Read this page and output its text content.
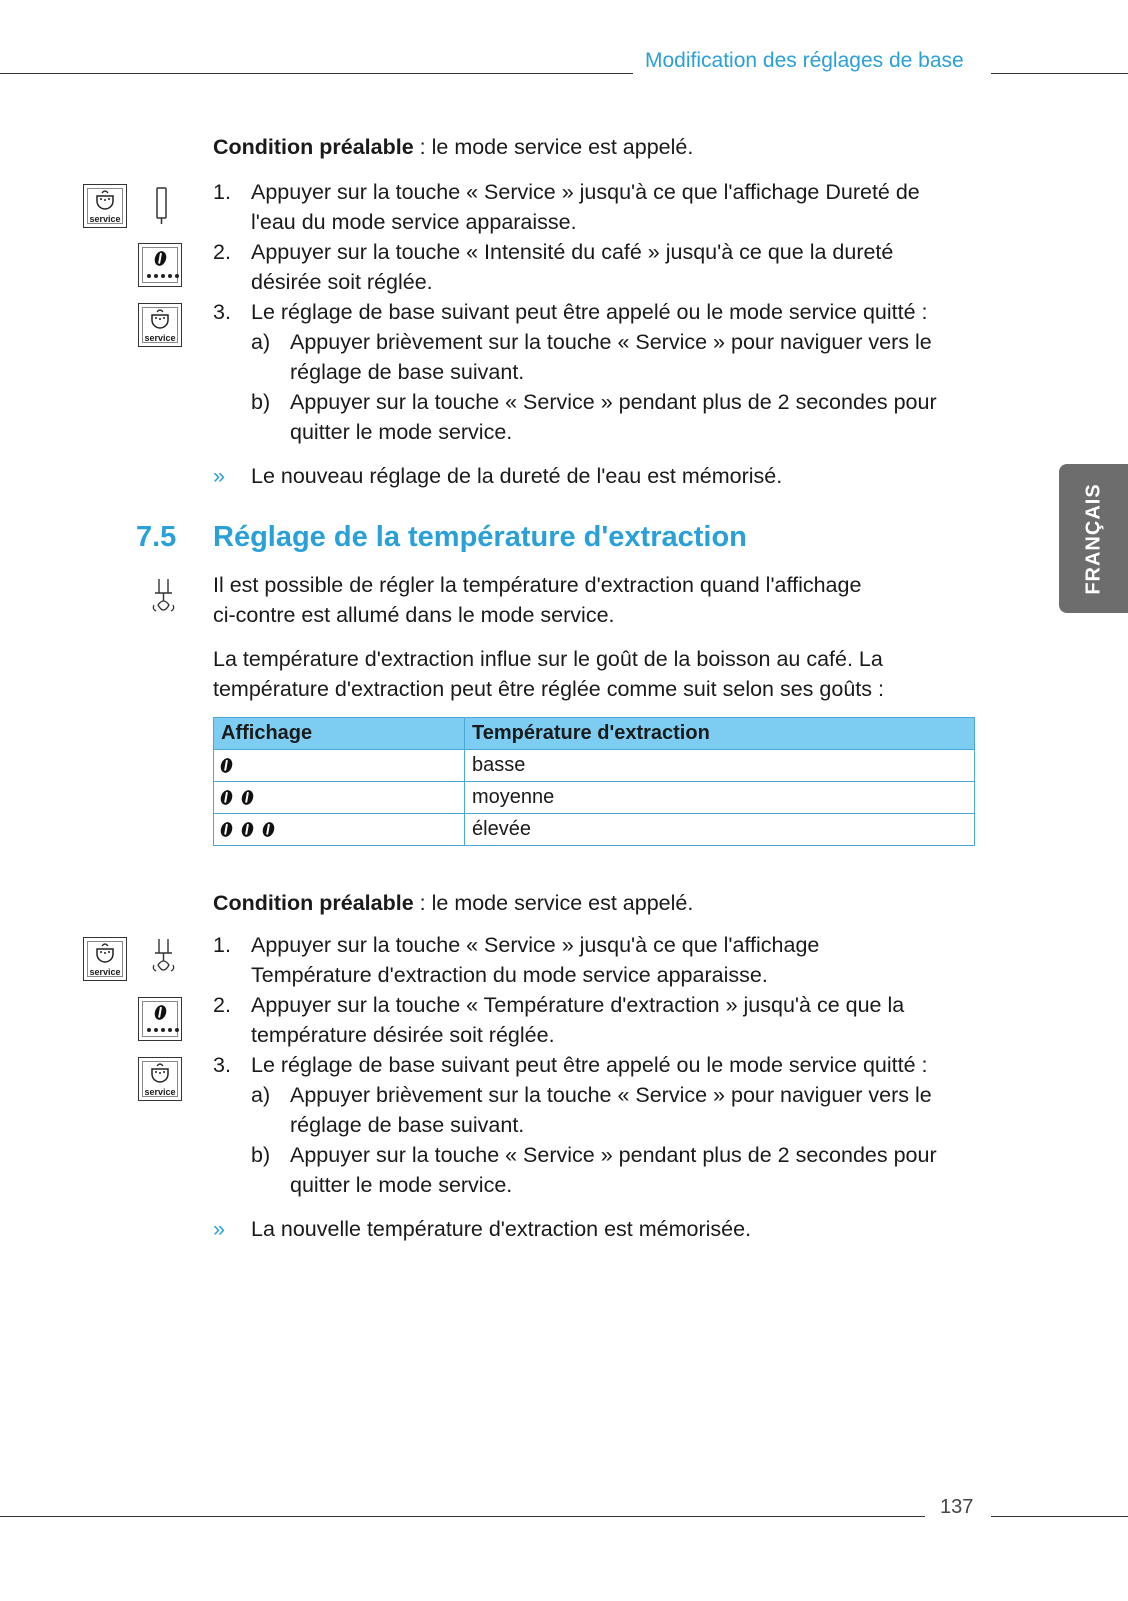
Modification des réglages de base
FRANÇAIS
Condition préalable : le mode service est appelé.
service
service
1. Appuyer sur la touche « Service » jusqu'à ce que l'affichage Dureté de
l'eau du mode service apparaisse.
2. Appuyer sur la touche « Intensité du café » jusqu'à ce que la dureté
désirée soit réglée.
3. Le réglage de base suivant peut être appelé ou le mode service quitté :
a) Appuyer brièvement sur la touche « Service » pour naviguer vers le
réglage de base suivant.
b) Appuyer sur la touche « Service » pendant plus de 2 secondes pour
quitter le mode service.
» Le nouveau réglage de la dureté de l'eau est mémorisé.
7.5 Réglage de la température d'extraction
Il est possible de régler la température d'extraction quand l'affichage
ci-contre est allumé dans le mode service.
La température d'extraction influe sur le goût de la boisson au café. La
température d'extraction peut être réglée comme suit selon ses goûts :
Affichage	Température d'extraction
	basse
	moyenne
	élevée
Condition préalable : le mode service est appelé.
service
service
1. Appuyer sur la touche « Service » jusqu'à ce que l'affichage
Température d'extraction du mode service apparaisse.
2. Appuyer sur la touche « Température d'extraction » jusqu'à ce que la
température désirée soit réglée.
3. Le réglage de base suivant peut être appelé ou le mode service quitté :
a) Appuyer brièvement sur la touche « Service » pour naviguer vers le
réglage de base suivant.
b) Appuyer sur la touche « Service » pendant plus de 2 secondes pour
quitter le mode service.
» La nouvelle température d'extraction est mémorisée.
137
